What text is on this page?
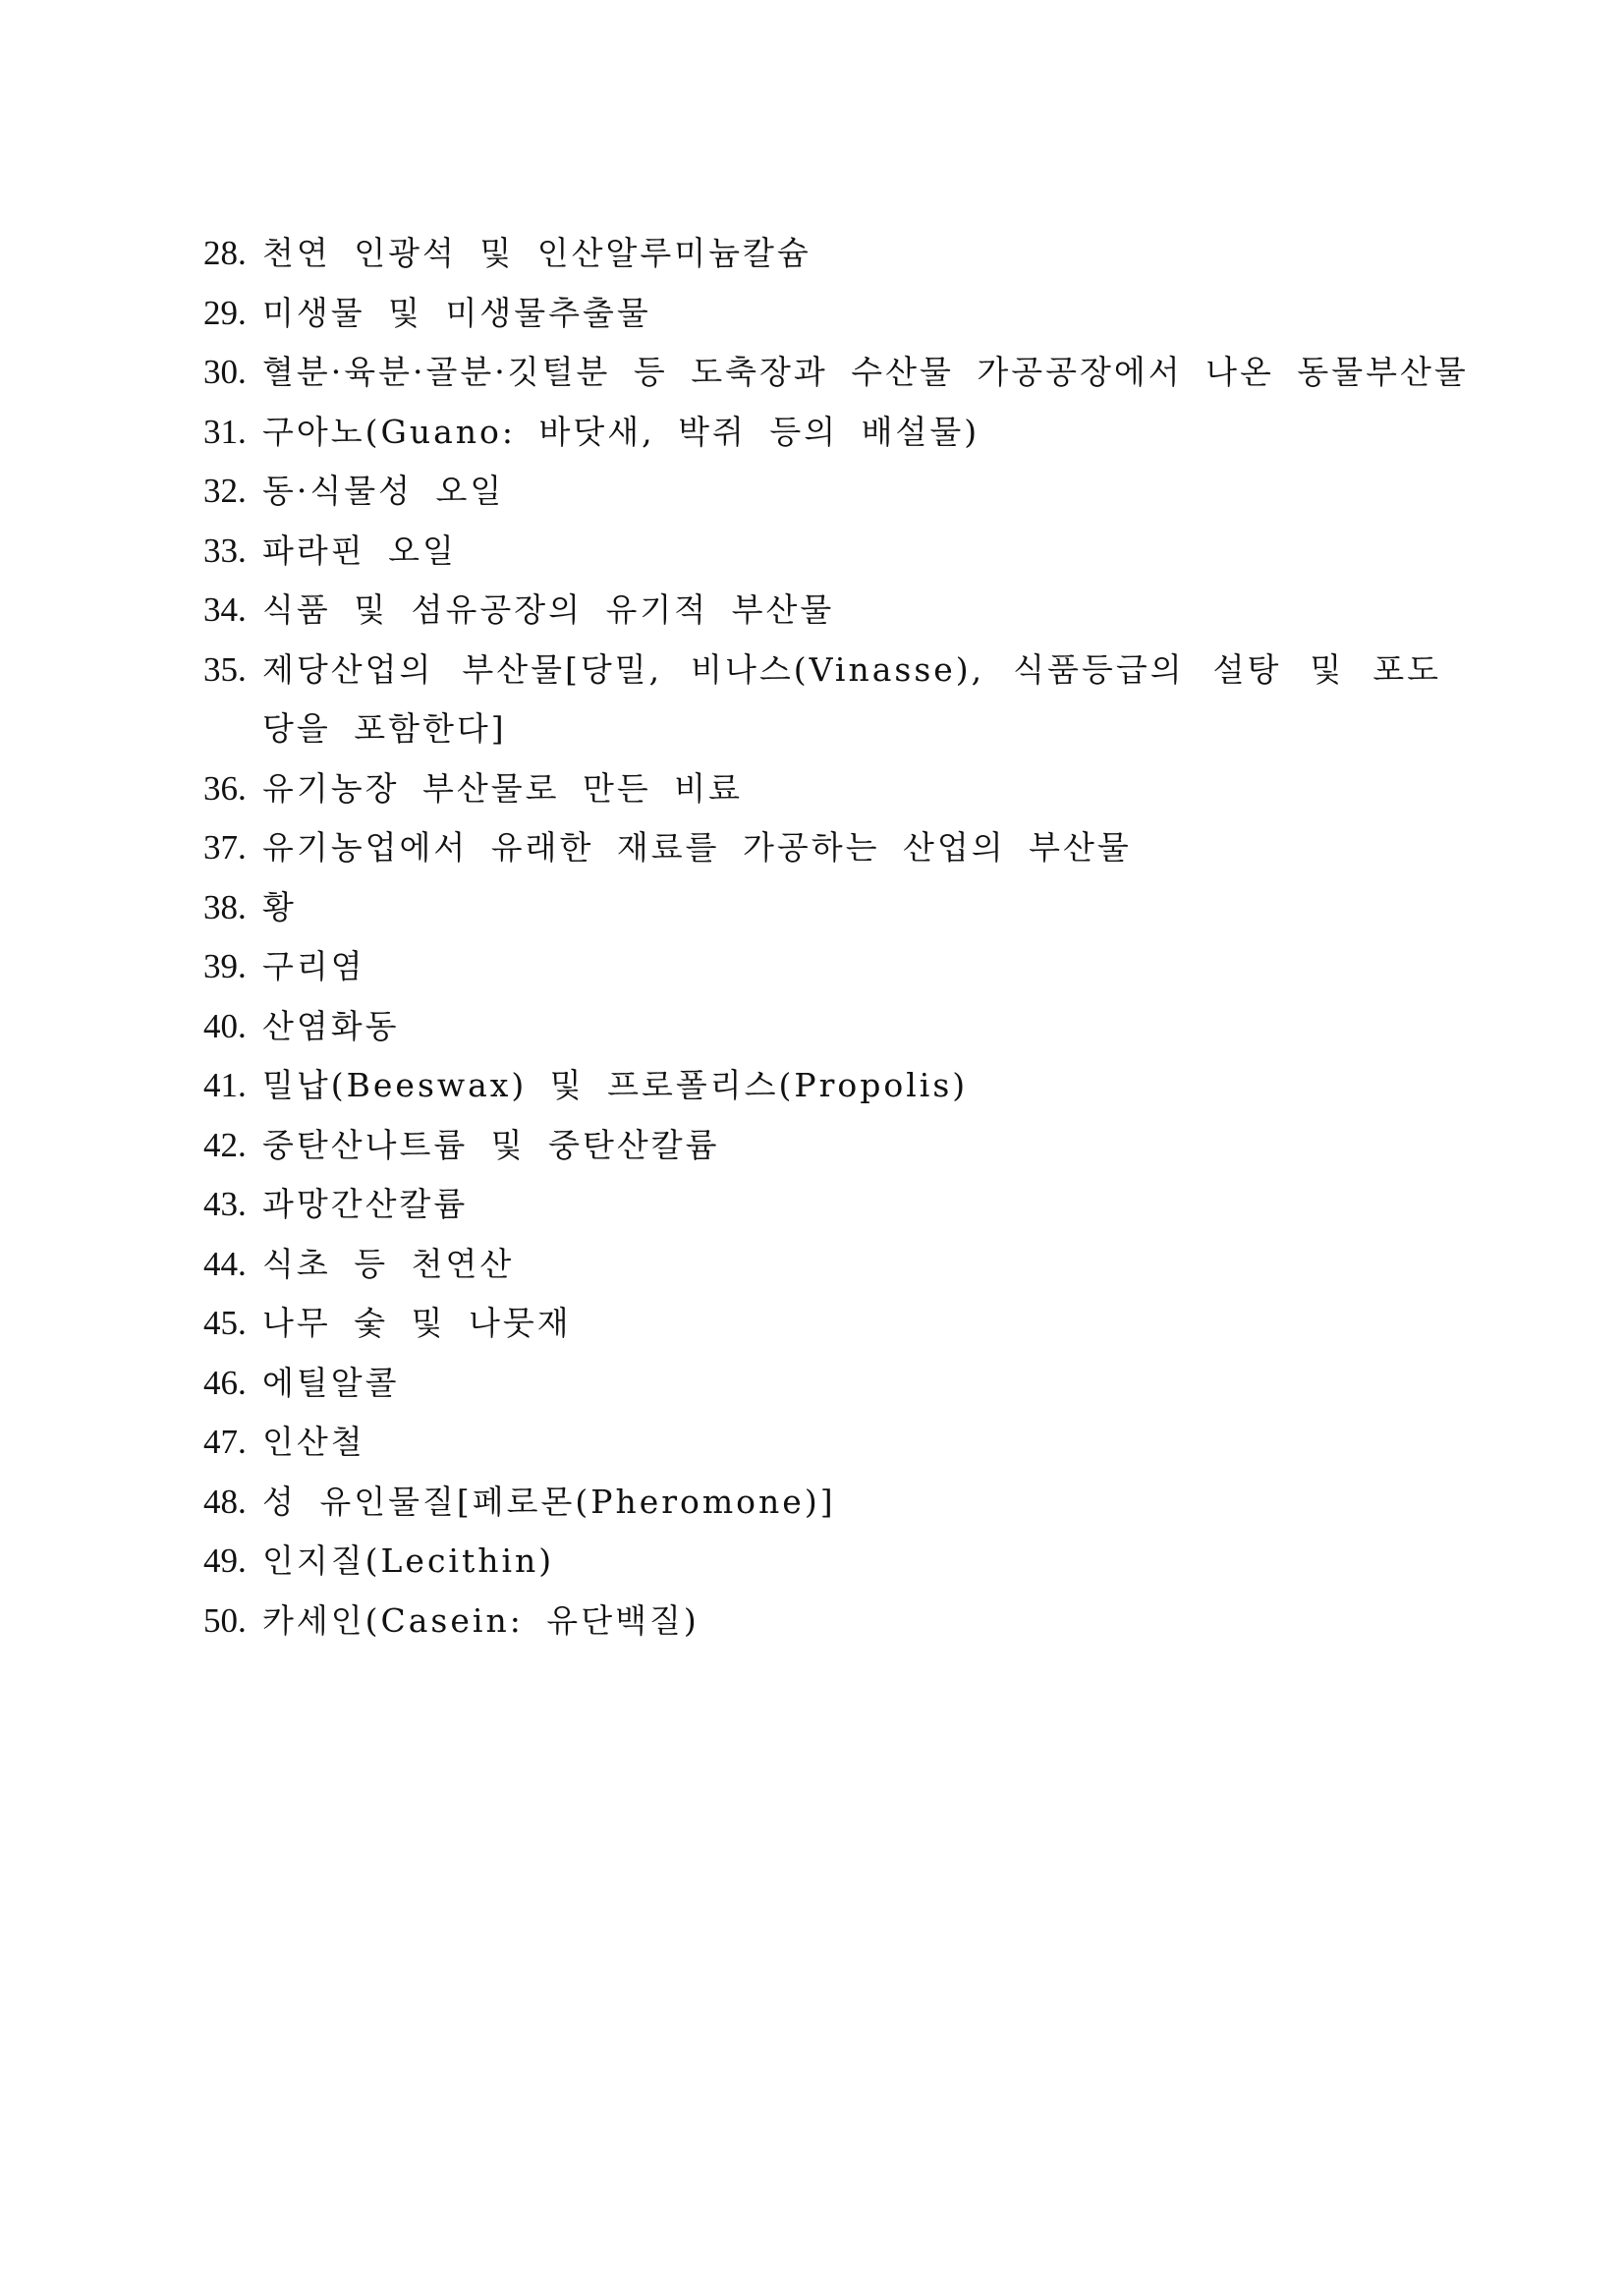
28. 천연 인광석 및 인산알루미늄칼슘
29. 미생물 및 미생물추출물
30. 혈분·육분·골분·깃털분 등 도축장과 수산물 가공공장에서 나온 동물부산물
31. 구아노(Guano: 바닷새, 박쥐 등의 배설물)
32. 동·식물성 오일
33. 파라핀 오일
34. 식품 및 섬유공장의 유기적 부산물
35. 제당산업의 부산물[당밀, 비나스(Vinasse), 식품등급의 설탕 및 포도당을 포함한다]
36. 유기농장 부산물로 만든 비료
37. 유기농업에서 유래한 재료를 가공하는 산업의 부산물
38. 황
39. 구리염
40. 산염화동
41. 밀납(Beeswax) 및 프로폴리스(Propolis)
42. 중탄산나트륨 및 중탄산칼륨
43. 과망간산칼륨
44. 식초 등 천연산
45. 나무 숯 및 나뭇재
46. 에틸알콜
47. 인산철
48. 성 유인물질[페로몬(Pheromone)]
49. 인지질(Lecithin)
50. 카세인(Casein: 유단백질)
